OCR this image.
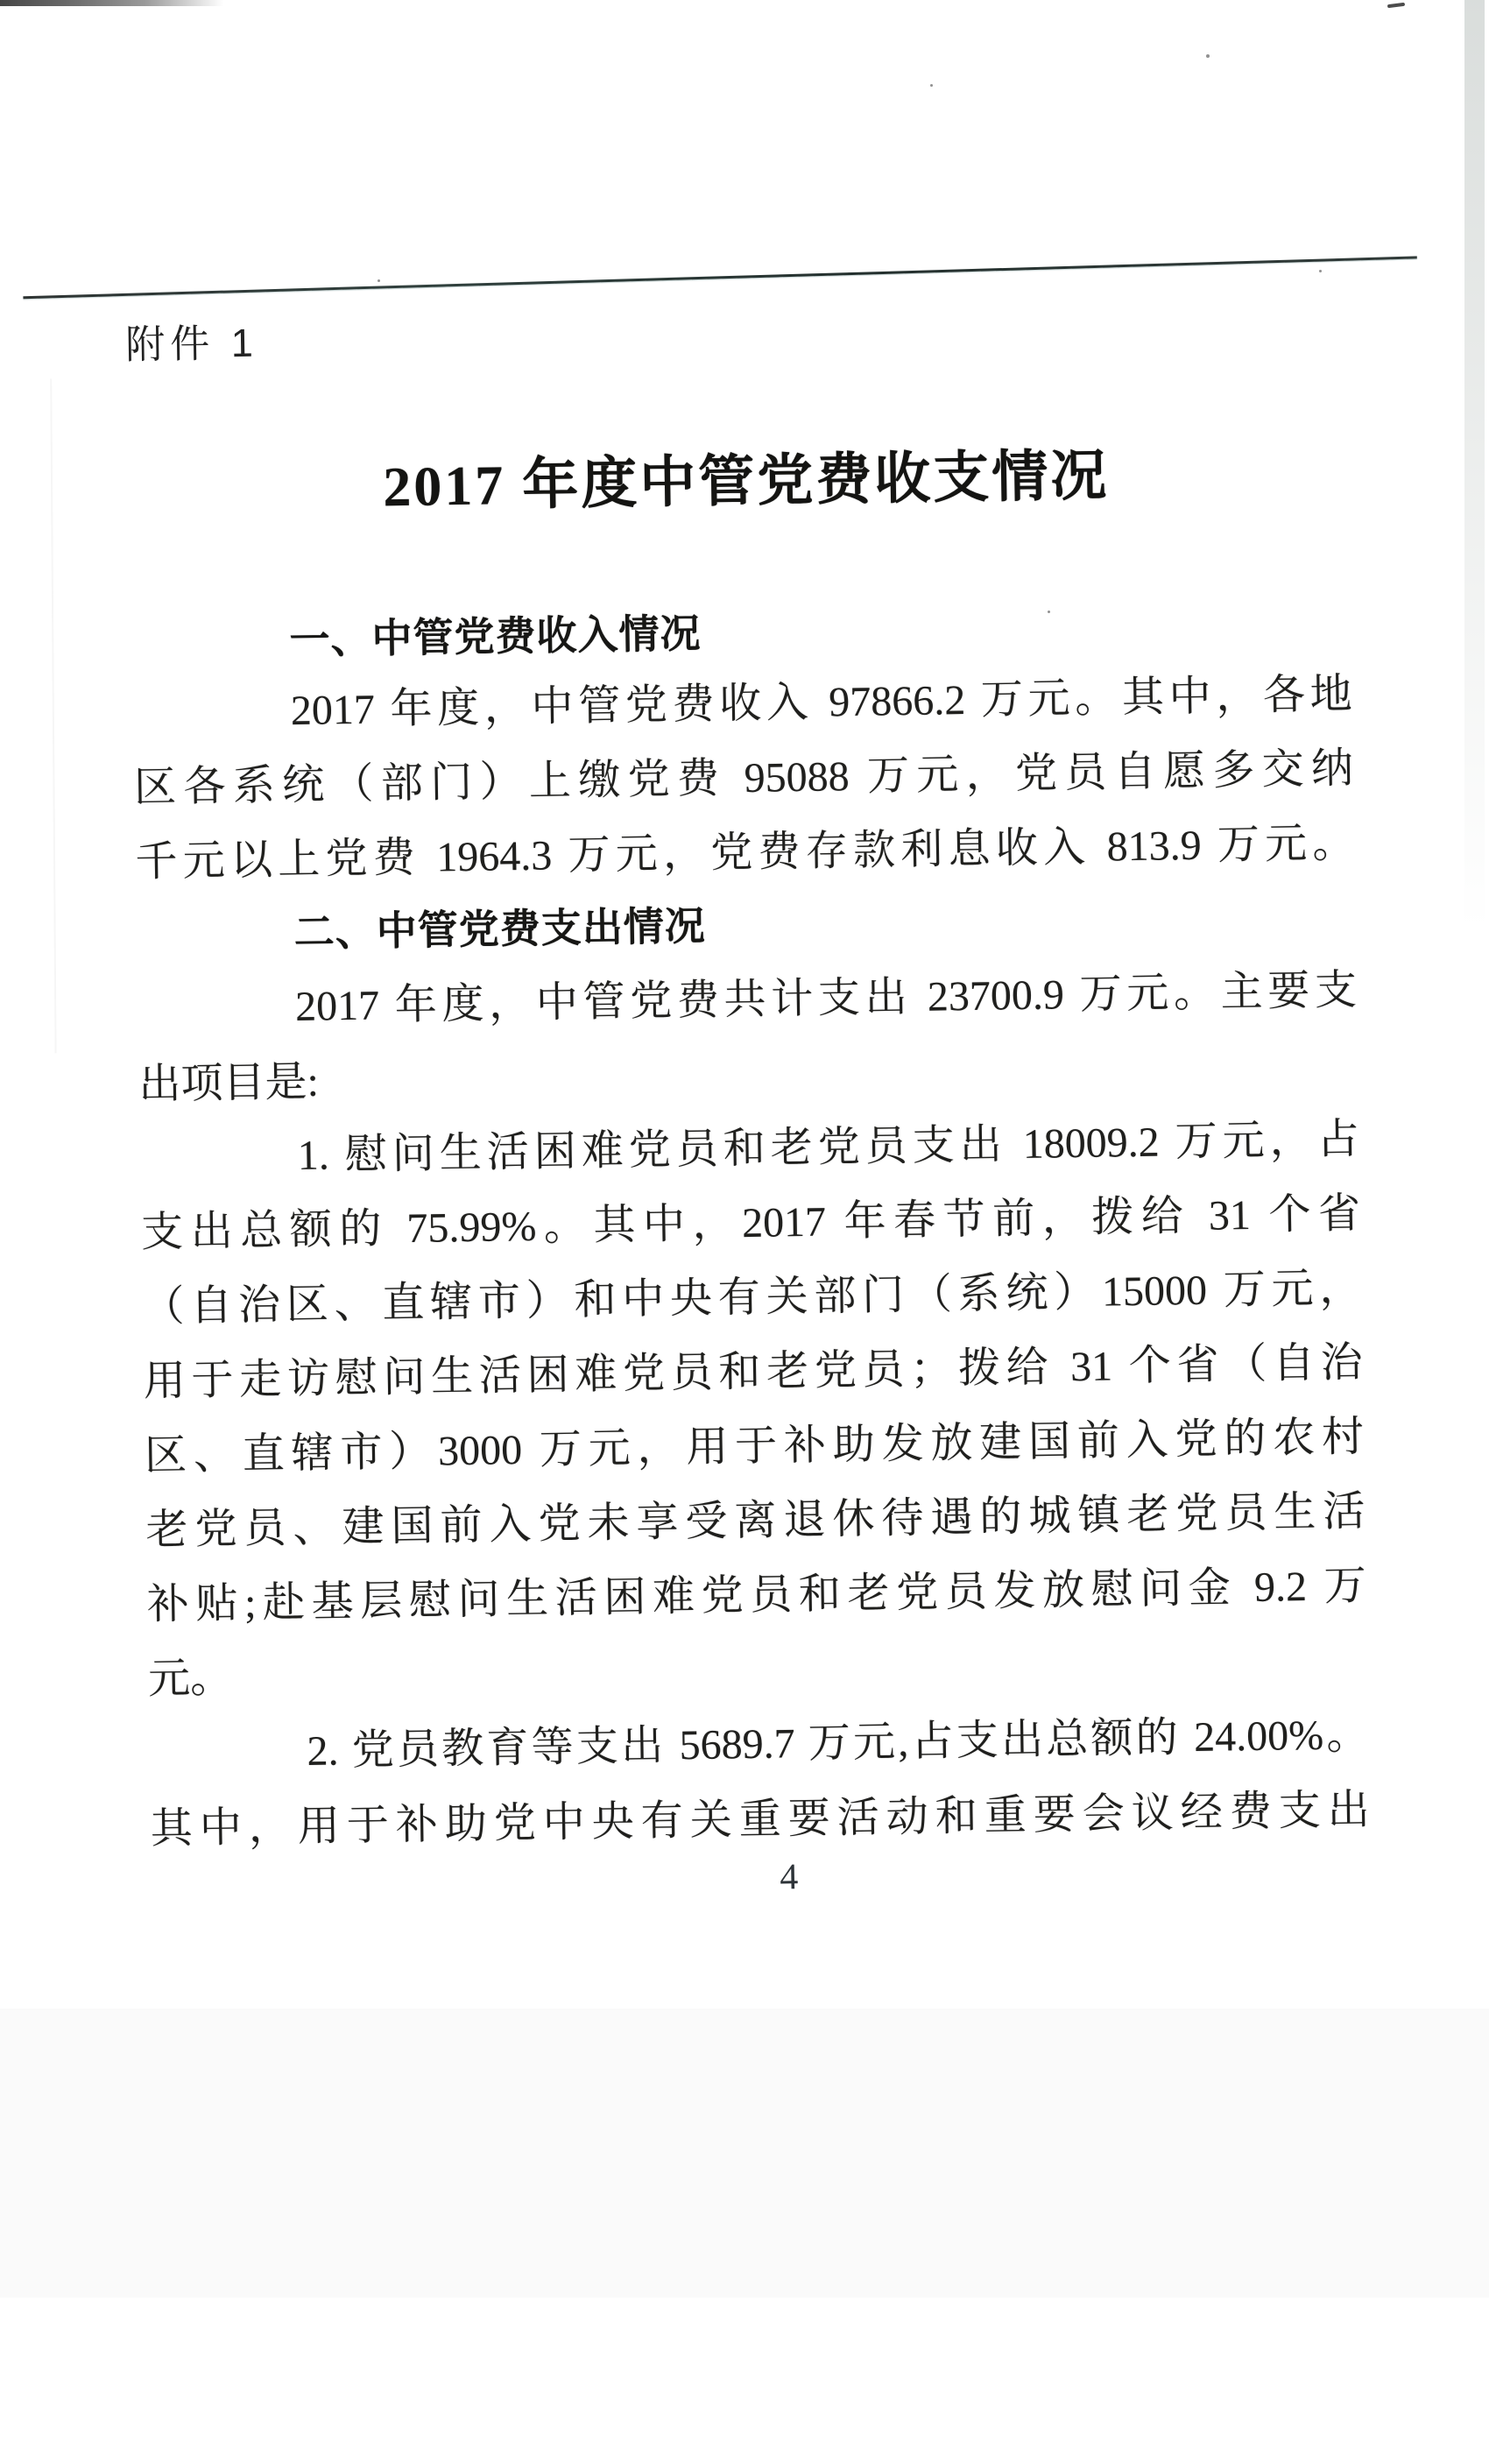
附件 1
2017 年度中管党费收支情况
一、中管党费收入情况
2017 年度，中管党费收入 97866.2 万元。其中，各地
区各系统（部门）上缴党费 95088 万元，党员自愿多交纳
千元以上党费 1964.3 万元，党费存款利息收入 813.9 万元。
二、中管党费支出情况
2017 年度，中管党费共计支出 23700.9 万元。主要支
出项目是:
1. 慰问生活困难党员和老党员支出 18009.2 万元，占
支出总额的 75.99%。其中，2017 年春节前，拨给 31 个省
（自治区、直辖市）和中央有关部门（系统）15000 万元，
用于走访慰问生活困难党员和老党员；拨给 31 个省（自治
区、直辖市）3000 万元，用于补助发放建国前入党的农村
老党员、建国前入党未享受离退休待遇的城镇老党员生活
补贴;赴基层慰问生活困难党员和老党员发放慰问金 9.2 万
元。
2. 党员教育等支出 5689.7 万元,占支出总额的 24.00%。
其中，用于补助党中央有关重要活动和重要会议经费支出
4
